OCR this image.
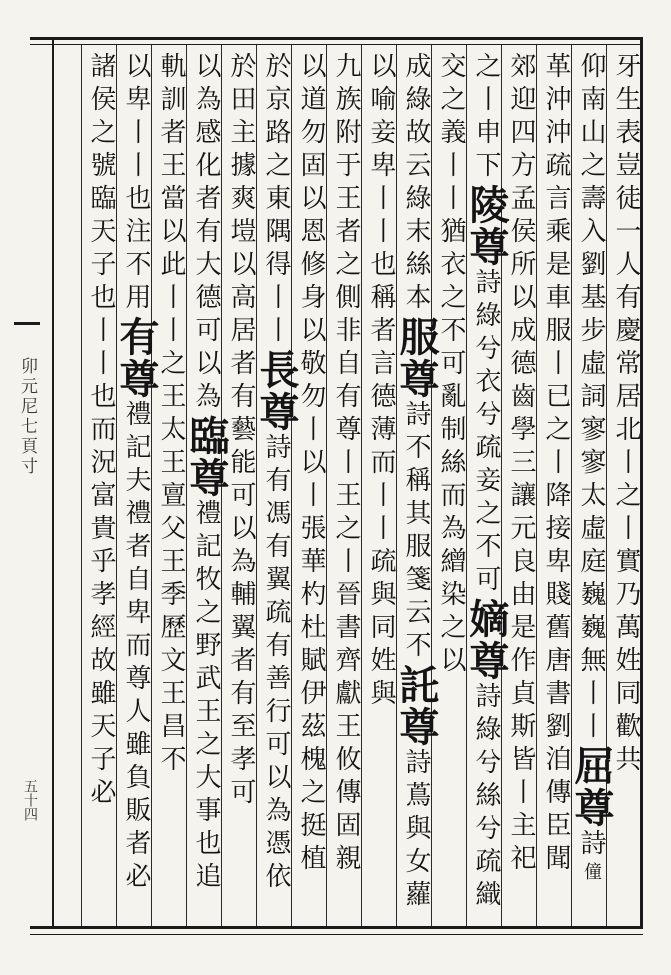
卯元尼七頁寸
五十四
牙生表豈徒一人有慶常居北丨之丨實乃萬姓同歡共
仰南山之壽入劉基步虛詞寥寥太虛庭巍巍無丨丨屈尊詩僮
革沖沖疏言乘是車服丨已之丨降接卑賤舊唐書劉洎傳臣聞
郊迎四方孟侯所以成德齒學三讓元良由是作貞斯皆丨主祀
之丨申下陵尊詩綠兮衣兮疏妾之不可嫡尊詩綠兮絲兮疏織
交之義丨丨猶衣之不可亂制絲而為繒染之以
成綠故云綠末絲本服尊詩不稱其服箋云不託尊詩蔦與女蘿
以喻妾卑丨丨也稱者言德薄而丨丨疏與同姓與
九族附于王者之側非自有尊丨王之丨晉書齊獻王攸傳固親
以道勿固以恩修身以敬勿丨以丨張華杓杜賦伊茲槐之挺植
於京路之東隅得丨丨長尊詩有馮有翼疏有善行可以為憑依
於田主據爽塏以高居者有藝能可以為輔翼者有至孝可
以為感化者有大德可以為臨尊禮記牧之野武王之大事也追
軌訓者王當以此丨丨之王太王亶父王季歷文王昌不
以卑丨丨也注不用有尊禮記夫禮者自卑而尊人雖負販者必
諸侯之號臨天子也丨丨也而況富貴乎孝經故雖天子必
